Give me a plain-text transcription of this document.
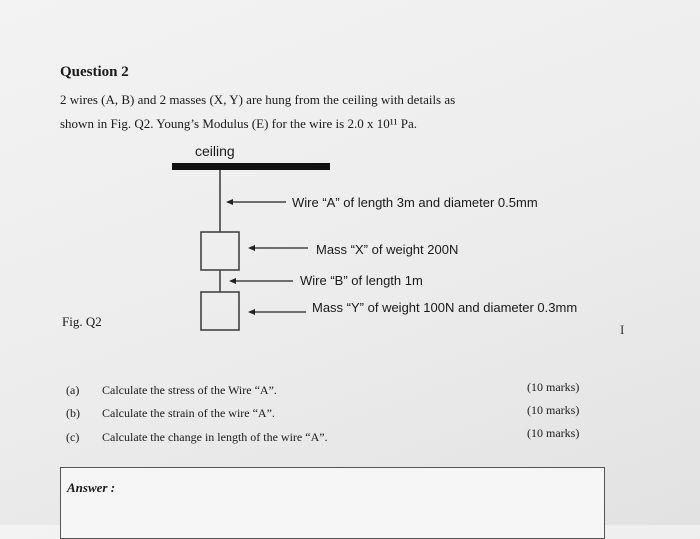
Question 2
2 wires (A, B) and 2 masses (X, Y) are hung from the ceiling with details as
shown in Fig. Q2. Young’s Modulus (E) for the wire is 2.0 x 10¹¹ Pa.
ceiling
Wire “A” of length 3m and diameter 0.5mm
Mass “X” of weight 200N
Wire “B” of length 1m
Mass “Y” of weight 100N and diameter 0.3mm
Fig. Q2
I
(a) Calculate the stress of the Wire “A”.	(10 marks)
(b) Calculate the strain of the wire “A”.	(10 marks)
(c) Calculate the change in length of the wire “A”.	(10 marks)
Answer :
